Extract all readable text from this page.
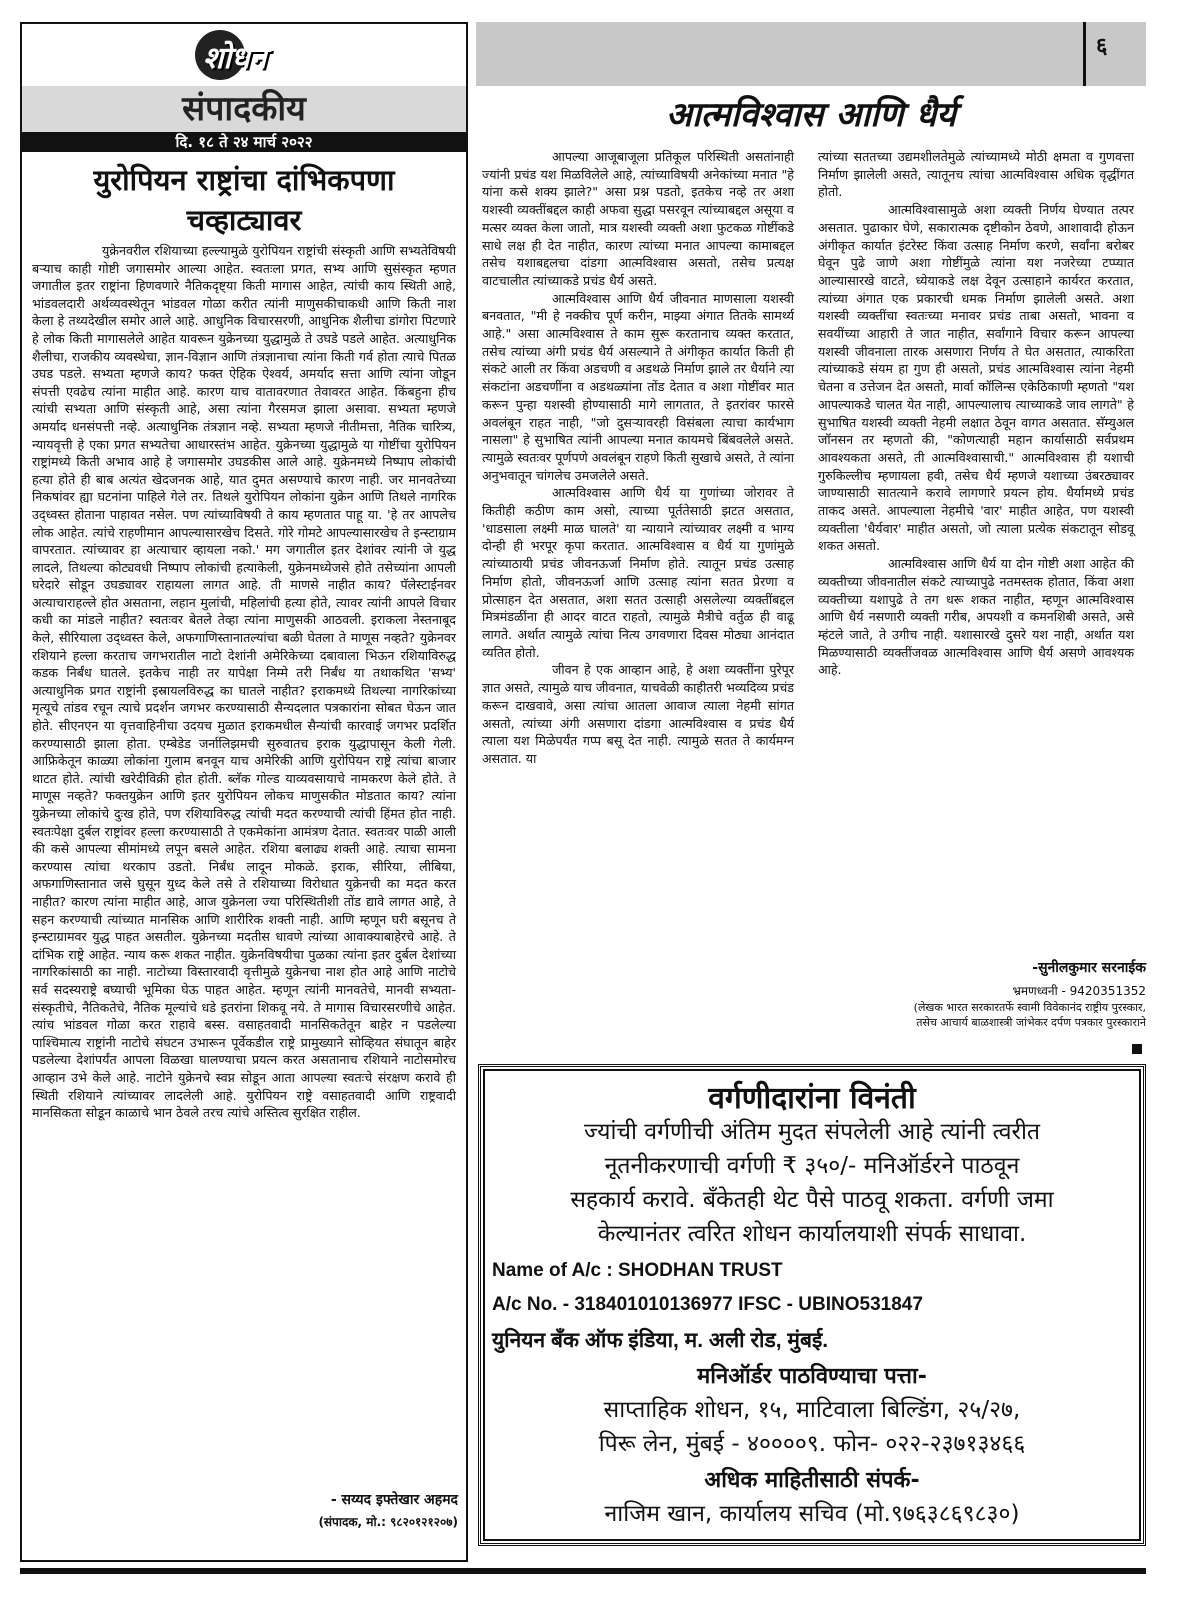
शोधन
संपादकीय
दि. १८ ते २४ मार्च २०२२
युरोपियन राष्ट्रांचा दांभिकपणा
चव्हाट्यावर
युक्रेनवरील रशियाच्या हल्ल्यामुळे युरोपियन राष्ट्रांची संस्कृती आणि सभ्यतेविषयी बऱ्याच काही गोष्टी जगासमोर आल्या आहेत. स्वतःला प्रगत, सभ्य आणि सुसंस्कृत म्हणत जगातील इतर राष्ट्रांना हिणवणारे नैतिकदृष्ट्या किती मागास आहेत, त्यांची काय स्थिती आहे, भांडवलदारी अर्थव्यवस्थेतून भांडवल गोळा करीत त्यांनी माणुसकीचाकधी आणि किती नाश केला हे तथ्यदेखील समोर आले आहे. आधुनिक विचारसरणी, आधुनिक शैलीचा डांगोरा पिटणारे हे लोक किती मागासलेले आहेत यावरून युक्रेनच्या युद्धामुळे ते उघडे पडले आहेत. अत्याधुनिक शैलीचा, राजकीय व्यवस्थेचा, ज्ञान-विज्ञान आणि तंत्रज्ञानाचा त्यांना किती गर्व होता त्याचे पितळ उघड पडले. सभ्यता म्हणजे काय? फक्त ऐहिक ऐश्वर्य, अमर्याद सत्ता आणि त्यांना जोडून संपत्ती एवढेच त्यांना माहीत आहे. कारण याच वातावरणात तेवावरत आहेत. किंबहुना हीच त्यांची सभ्यता आणि संस्कृती आहे, असा त्यांना गैरसमज झाला असावा. सभ्यता म्हणजे अमर्याद धनसंपत्ती नव्हे. अत्याधुनिक तंत्रज्ञान नव्हे. सभ्यता म्हणजे नीतीमत्ता, नैतिक चारित्र्य, न्यायवृत्ती हे एका प्रगत सभ्यतेचा आधारस्तंभ आहेत. युक्रेनच्या युद्धामुळे या गोष्टींचा युरोपियन राष्ट्रांमध्ये किती अभाव आहे हे जगासमोर उघडकीस आले आहे. युक्रेनमध्ये निष्पाप लोकांची हत्या होते ही बाब अत्यंत खेदजनक आहे, यात दुमत असण्याचे कारण नाही. जर मानवतेच्या निकषांवर ह्या घटनांना पाहिले गेले तर. तिथले युरोपियन लोकांना युक्रेन आणि तिथले नागरिक उद्ध्वस्त होताना पाहावत नसेल. पण त्यांच्याविषयी ते काय म्हणतात पाहू या. 'हे तर आपलेच लोक आहेत. त्यांचे राहणीमान आपल्यासारखेच दिसते. गोरे गोमटे आपल्यासारखेच ते इन्स्टाग्राम वापरतात. त्यांच्यावर हा अत्याचार व्हायला नको.' मग जगातील इतर देशांवर त्यांनी जे युद्ध लादले, तिथल्या कोट्यवधी निष्पाप लोकांची हत्याकेली, युक्रेनमध्येजसे होते तसेच्यांना आपली घरेदारे सोडून उघड्यावर राहायला लागत आहे. ती माणसे नाहीत काय? पॅलेस्टाईनवर अत्याचाराहल्ले होत असताना, लहान मुलांची, महिलांची हत्या होते, त्यावर त्यांनी आपले विचार कधी का मांडले नाहीत? स्वतःवर बेतले तेव्हा त्यांना माणुसकी आठवली. इराकला नेस्तनाबूद केले, सीरियाला उद्ध्वस्त केले, अफगाणिस्तानातल्यांचा बळी घेतला ते माणूस नव्हते? युक्रेनवर रशियाने हल्ला करताच जगभरातील नाटो देशांनी अमेरिकेच्या दबावाला भिऊन रशियाविरुद्ध कडक निर्बंध घातले. इतकेच नाही तर यापेक्षा निम्मे तरी निर्बंध या तथाकथित 'सभ्य' अत्याधुनिक प्रगत राष्ट्रांनी इस्रायलविरुद्ध का घातले नाहीत? इराकमध्ये तिथल्या नागरिकांच्या मृत्यूचे तांडव रचून त्याचे प्रदर्शन जगभर करण्यासाठी सैन्यदलात पत्रकारांना सोबत घेऊन जात होते. सीएनएन या वृत्तवाहिनीचा उदयच मुळात इराकमधील सैन्यांची कारवाई जगभर प्रदर्शित करण्यासाठी झाला होता. एम्बेडेड जर्नालिझमची सुरुवातच इराक युद्धापासून केली गेली. आफ्रिकेतून काळ्या लोकांना गुलाम बनवून याच अमेरिकी आणि युरोपियन राष्ट्रे त्यांचा बाजार थाटत होते. त्यांची खरेदीविक्री होत होती. ब्लॅक गोल्ड याव्यवसायाचे नामकरण केले होते. ते माणूस नव्हते? फक्तयुक्रेन आणि इतर युरोपियन लोकच माणुसकीत मोडतात काय? त्यांना युक्रेनच्या लोकांचे दुःख होते, पण रशियाविरुद्ध त्यांची मदत करण्याची त्यांची हिंमत होत नाही. स्वतःपेक्षा दुर्बल राष्ट्रांवर हल्ला करण्यासाठी ते एकमेकांना आमंत्रण देतात. स्वतःवर पाळी आली की कसे आपल्या सीमांमध्ये लपून बसले आहेत. रशिया बलाढ्य शक्ती आहे. त्याचा सामना करण्यास त्यांचा थरकाप उडतो. निर्बंध लादून मोकळे. इराक, सीरिया, लीबिया, अफगाणिस्तानात जसे घुसून युध्द केले तसे ते रशियाच्या विरोधात युक्रेनची का मदत करत नाहीत? कारण त्यांना माहीत आहे, आज युक्रेनला ज्या परिस्थितीशी तोंड द्यावे लागत आहे, ते सहन करण्याची त्यांच्यात मानसिक आणि शारीरिक शक्ती नाही. आणि म्हणून घरी बसूनच ते इन्स्टाग्रामवर युद्ध पाहत असतील. युक्रेनच्या मदतीस धावणे त्यांच्या आवाक्याबाहेरचे आहे. ते दांभिक राष्ट्रे आहेत. न्याय करू शकत नाहीत. युक्रेनविषयीचा पुळका त्यांना इतर दुर्बल देशांच्या नागरिकांसाठी का नाही. नाटोच्या विस्तारवादी वृत्तीमुळे युक्रेनचा नाश होत आहे आणि नाटोचे सर्व सदस्यराष्ट्रे बघ्याची भूमिका घेऊ पाहत आहेत. म्हणून त्यांनी मानवतेचे, मानवी सभ्यता-संस्कृतीचे, नैतिकतेचे, नैतिक मूल्यांचे धडे इतरांना शिकवू नये. ते मागास विचारसरणीचे आहेत. त्यांच भांडवल गोळा करत राहावे बस्स. वसाहतवादी मानसिकतेतून बाहेर न पडलेल्या पाश्चिमात्य राष्ट्रांनी नाटोचे संघटन उभारून पूर्वेकडील राष्ट्रे प्रामुख्याने सोव्हियत संघातून बाहेर पडलेल्या देशांपर्यंत आपला विळखा घालण्याचा प्रयत्न करत असतानाच रशियाने नाटोसमोरच आव्हान उभे केले आहे. नाटोने युक्रेनचे स्वप्न सोडून आता आपल्या स्वतःचे संरक्षण करावे ही स्थिती रशियाने त्यांच्यावर लादलेली आहे. युरोपियन राष्ट्रे वसाहतवादी आणि राष्ट्रवादी मानसिकता सोडून काळाचे भान ठेवले तरच त्यांचे अस्तित्व सुरक्षित राहील.
- सय्यद इफ्तेखार अहमद
(संपादक, मो.: ९८२०१२१२०७)
६
आत्मविश्वास आणि धैर्य

आपल्या आजूबाजूला प्रतिकूल परिस्थिती असतांनाही ज्यांनी प्रचंड यश मिळविलेले आहे, त्यांच्याविषयी अनेकांच्या मनात "हे यांना कसे शक्य झाले?" असा प्रश्न पडतो, इतकेच नव्हे तर अशा यशस्वी व्यक्तींबद्दल काही अफवा सुद्धा पसरवून त्यांच्याबद्दल असूया व मत्सर व्यक्त केला जातो, मात्र यशस्वी व्यक्ती अशा फुटकळ गोष्टींकडे साधे लक्ष ही देत नाहीत, कारण त्यांच्या मनात आपल्या कामाबद्दल तसेच यशाबद्दलचा दांडगा आत्मविश्वास असतो, तसेच प्रत्यक्ष वाटचालीत त्यांच्याकडे प्रचंड धैर्य असते.

आत्मविश्वास आणि धैर्य जीवनात माणसाला यशस्वी बनवतात, "मी हे नक्कीच पूर्ण करीन, माझ्या अंगात तितके सामर्थ्य आहे." असा आत्मविश्वास ते काम सुरू करतानाच व्यक्त करतात, तसेच त्यांच्या अंगी प्रचंड धैर्य असल्याने ते अंगीकृत कार्यात किती ही संकटे आली तर किंवा अडचणी व अडथळे निर्माण झाले तर धैर्याने त्या संकटांना अडचणींना व अडथळ्यांना तोंड देतात व अशा गोष्टींवर मात करून पुन्हा यशस्वी होण्यासाठी मागे लागतात, ते इतरांवर फारसे अवलंबून राहत नाही, "जो दुसऱ्यावरही विसंबला त्याचा कार्यभाग नासला" हे सुभाषित त्यांनी आपल्या मनात कायमचे बिंबवलेले असते. त्यामुळे स्वतःवर पूर्णपणे अवलंबून राहणे किती सुखाचे असते, ते त्यांना अनुभवातून चांगलेच उमजलेले असते.

आत्मविश्वास आणि धैर्य या गुणांच्या जोरावर ते कितीही कठीण काम असो, त्याच्या पूर्ततेसाठी झटत असतात, 'धाडसाला लक्ष्मी माळ घालते' या न्यायाने त्यांच्यावर लक्ष्मी व भाग्य दोन्ही ही भरपूर कृपा करतात. आत्मविश्वास व धैर्य या गुणांमुळे त्यांच्याठायी प्रचंड जीवनऊर्जा निर्माण होते. त्यातून प्रचंड उत्साह निर्माण होतो, जीवनऊर्जा आणि उत्साह त्यांना सतत प्रेरणा व प्रोत्साहन देत असतात, अशा सतत उत्साही असलेल्या व्यक्तींबद्दल मित्रमंडळींना ही आदर वाटत राहतो, त्यामुळे मैत्रीचे वर्तुळ ही वाढू लागते. अर्थात त्यामुळे त्यांचा नित्य उगवणारा दिवस मोठ्या आनंदात व्यतित होतो.

जीवन हे एक आव्हान आहे, हे अशा व्यक्तींना पुरेपूर ज्ञात असते, त्यामुळे याच जीवनात, याचवेळी काहीतरी भव्यदिव्य प्रचंड करून दाखवावे, असा त्यांचा आतला आवाज त्याला नेहमी सांगत असतो, त्यांच्या अंगी असणारा दांडगा आत्मविश्वास व प्रचंड धैर्य त्याला यश मिळेपर्यंत गप्प बसू देत नाही. त्यामुळे सतत ते कार्यमग्न असतात. या

त्यांच्या सततच्या उद्यमशीलतेमुळे त्यांच्यामध्ये मोठी क्षमता व गुणवत्ता निर्माण झालेली असते, त्यातूनच त्यांचा आत्मविश्वास अधिक वृद्धींगत होतो.

आत्मविश्वासामुळे अशा व्यक्ती निर्णय घेण्यात तत्पर असतात. पुढाकार घेणे, सकारात्मक दृष्टीकोन ठेवणे, आशावादी होऊन अंगीकृत कार्यात इंटरेस्ट किंवा उत्साह निर्माण करणे, सर्वांना बरोबर घेवून पुढे जाणे अशा गोष्टींमुळे त्यांना यश नजरेच्या टप्प्यात आल्यासारखे वाटते, ध्येयाकडे लक्ष देवून उत्साहाने कार्यरत करतात, त्यांच्या अंगात एक प्रकारची धमक निर्माण झालेली असते. अशा यशस्वी व्यक्तींचा स्वतःच्या मनावर प्रचंड ताबा असतो, भावना व सवयींच्या आहारी ते जात नाहीत, सर्वांगाने विचार करून आपल्या यशस्वी जीवनाला तारक असणारा निर्णय ते घेत असतात, त्याकरिता त्यांच्याकडे संयम हा गुण ही असतो, प्रचंड आत्मविश्वास त्यांना नेहमी चेतना व उत्तेजन देत असतो, मार्वा कॉलिन्स एकेठिकाणी म्हणतो "यश आपल्याकडे चालत येत नाही, आपल्यालाच त्याच्याकडे जाव लागते" हे सुभाषित यशस्वी व्यक्ती नेहमी लक्षात ठेवून वागत असतात. सॅम्युअल जॉनसन तर म्हणतो की, "कोणत्याही महान कार्यासाठी सर्वप्रथम आवश्यकता असते, ती आत्मविश्वासाची." आत्मविश्वास ही यशाची गुरुकिल्लीच म्हणायला हवी, तसेच धैर्य म्हणजे यशाच्या उंबरठ्यावर जाण्यासाठी सातत्याने करावे लागणारे प्रयत्न होय. धैर्यामध्ये प्रचंड ताकद असते. आपल्याला नेहमीचे 'वार' माहीत आहेत, पण यशस्वी व्यक्तीला 'धैर्यवार' माहीत असतो, जो त्याला प्रत्येक संकटातून सोडवू शकत असतो.

आत्मविश्वास आणि धैर्य या दोन गोष्टी अशा आहेत की व्यक्तीच्या जीवनातील संकटे त्याच्यापुढे नतमस्तक होतात, किंवा अशा व्यक्तीच्या यशापुढे ते तग धरू शकत नाहीत, म्हणून आत्मविश्वास आणि धैर्य नसणारी व्यक्ती गरीब, अपयशी व कमनशिबी असते, असे म्हंटले जाते, ते उगीच नाही. यशासारखे दुसरे यश नाही, अर्थात यश मिळण्यासाठी व्यक्तींजवळ आत्मविश्वास आणि धैर्य असणे आवश्यक आहे.

-सुनीलकुमार सरनाईक
भ्रमणध्वनी - 9420351352
(लेखक भारत सरकारतर्फे स्वामी विवेकानंद राष्ट्रीय पुरस्कार,
तसेच आचार्य बाळशास्त्री जांभेकर दर्पण पत्रकार पुरस्काराने
वर्गणीदारांना विनंती
ज्यांची वर्गणीची अंतिम मुदत संपलेली आहे त्यांनी त्वरीत
नूतनीकरणाची वर्गणी ₹ ३५०/- मनिऑर्डरने पाठवून
सहकार्य करावे. बँकेतही थेट पैसे पाठवू शकता. वर्गणी जमा
केल्यानंतर त्वरित शोधन कार्यालयाशी संपर्क साधावा.
Name of A/c : SHODHAN TRUST
A/c No. - 318401010136977 IFSC - UBINO531847
युनियन बँक ऑफ इंडिया, म. अली रोड, मुंबई.
मनिऑर्डर पाठविण्याचा पत्ता-
साप्ताहिक शोधन, १५, माटिवाला बिल्डिंग, २५/२७,
पिरू लेन, मुंबई - ४००००९. फोन- ०२२-२३७१३४६६
अधिक माहितीसाठी संपर्क-
नाजिम खान, कार्यालय सचिव (मो.९७६३८६९८३०)
